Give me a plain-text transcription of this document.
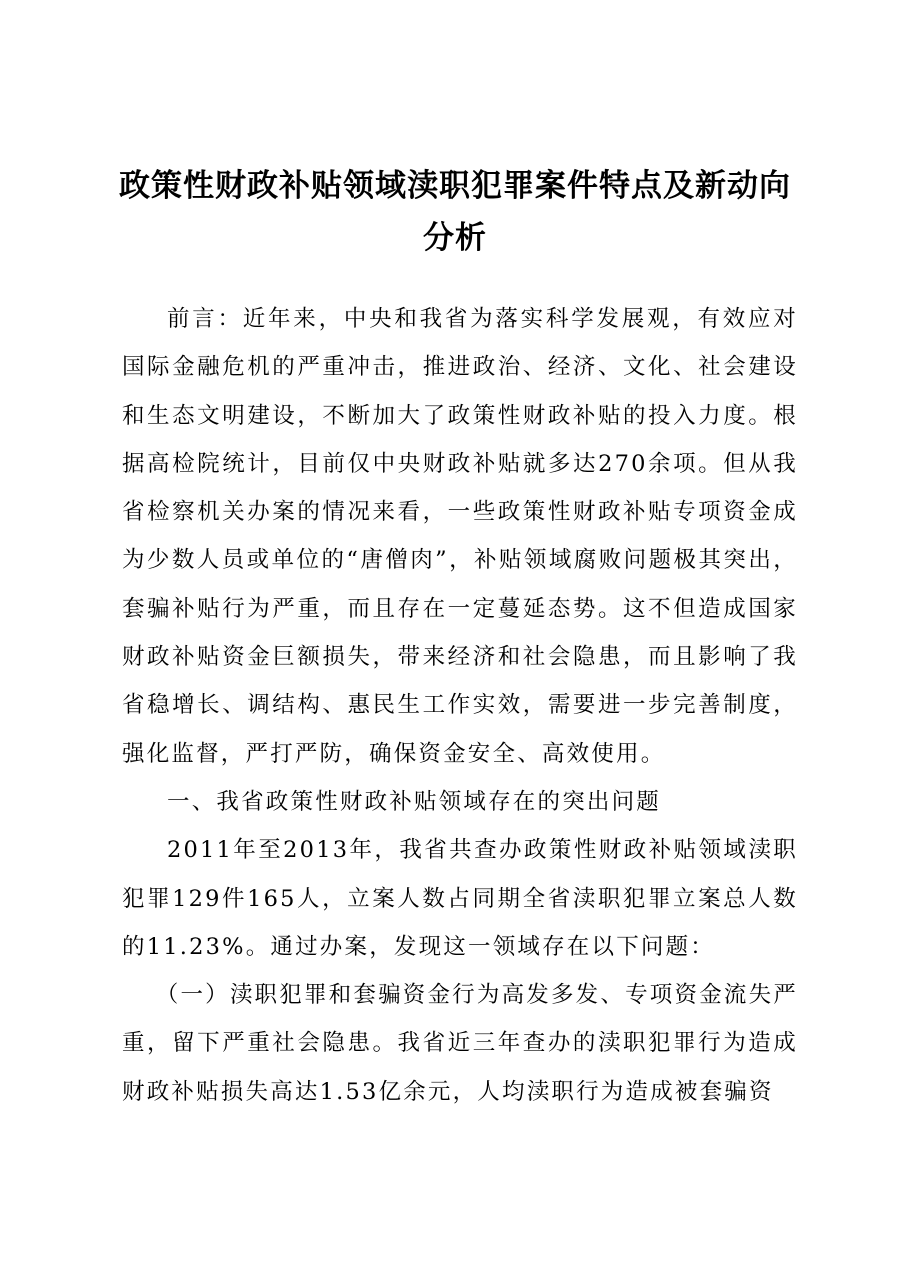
政策性财政补贴领域渎职犯罪案件特点及新动向分析

前言：近年来，中央和我省为落实科学发展观，有效应对国际金融危机的严重冲击，推进政治、经济、文化、社会建设和生态文明建设，不断加大了政策性财政补贴的投入力度。根据高检院统计，目前仅中央财政补贴就多达270余项。但从我省检察机关办案的情况来看，一些政策性财政补贴专项资金成为少数人员或单位的“唐僧肉”，补贴领域腐败问题极其突出，套骗补贴行为严重，而且存在一定蔓延态势。这不但造成国家财政补贴资金巨额损失，带来经济和社会隐患，而且影响了我省稳增长、调结构、惠民生工作实效，需要进一步完善制度，强化监督，严打严防，确保资金安全、高效使用。

一、我省政策性财政补贴领域存在的突出问题

2011年至2013年，我省共查办政策性财政补贴领域渎职犯罪129件165人，立案人数占同期全省渎职犯罪立案总人数的11.23%。通过办案，发现这一领域存在以下问题：

（一）渎职犯罪和套骗资金行为高发多发、专项资金流失严重，留下严重社会隐患。我省近三年查办的渎职犯罪行为造成财政补贴损失高达1.53亿余元，人均渎职行为造成被套骗资
